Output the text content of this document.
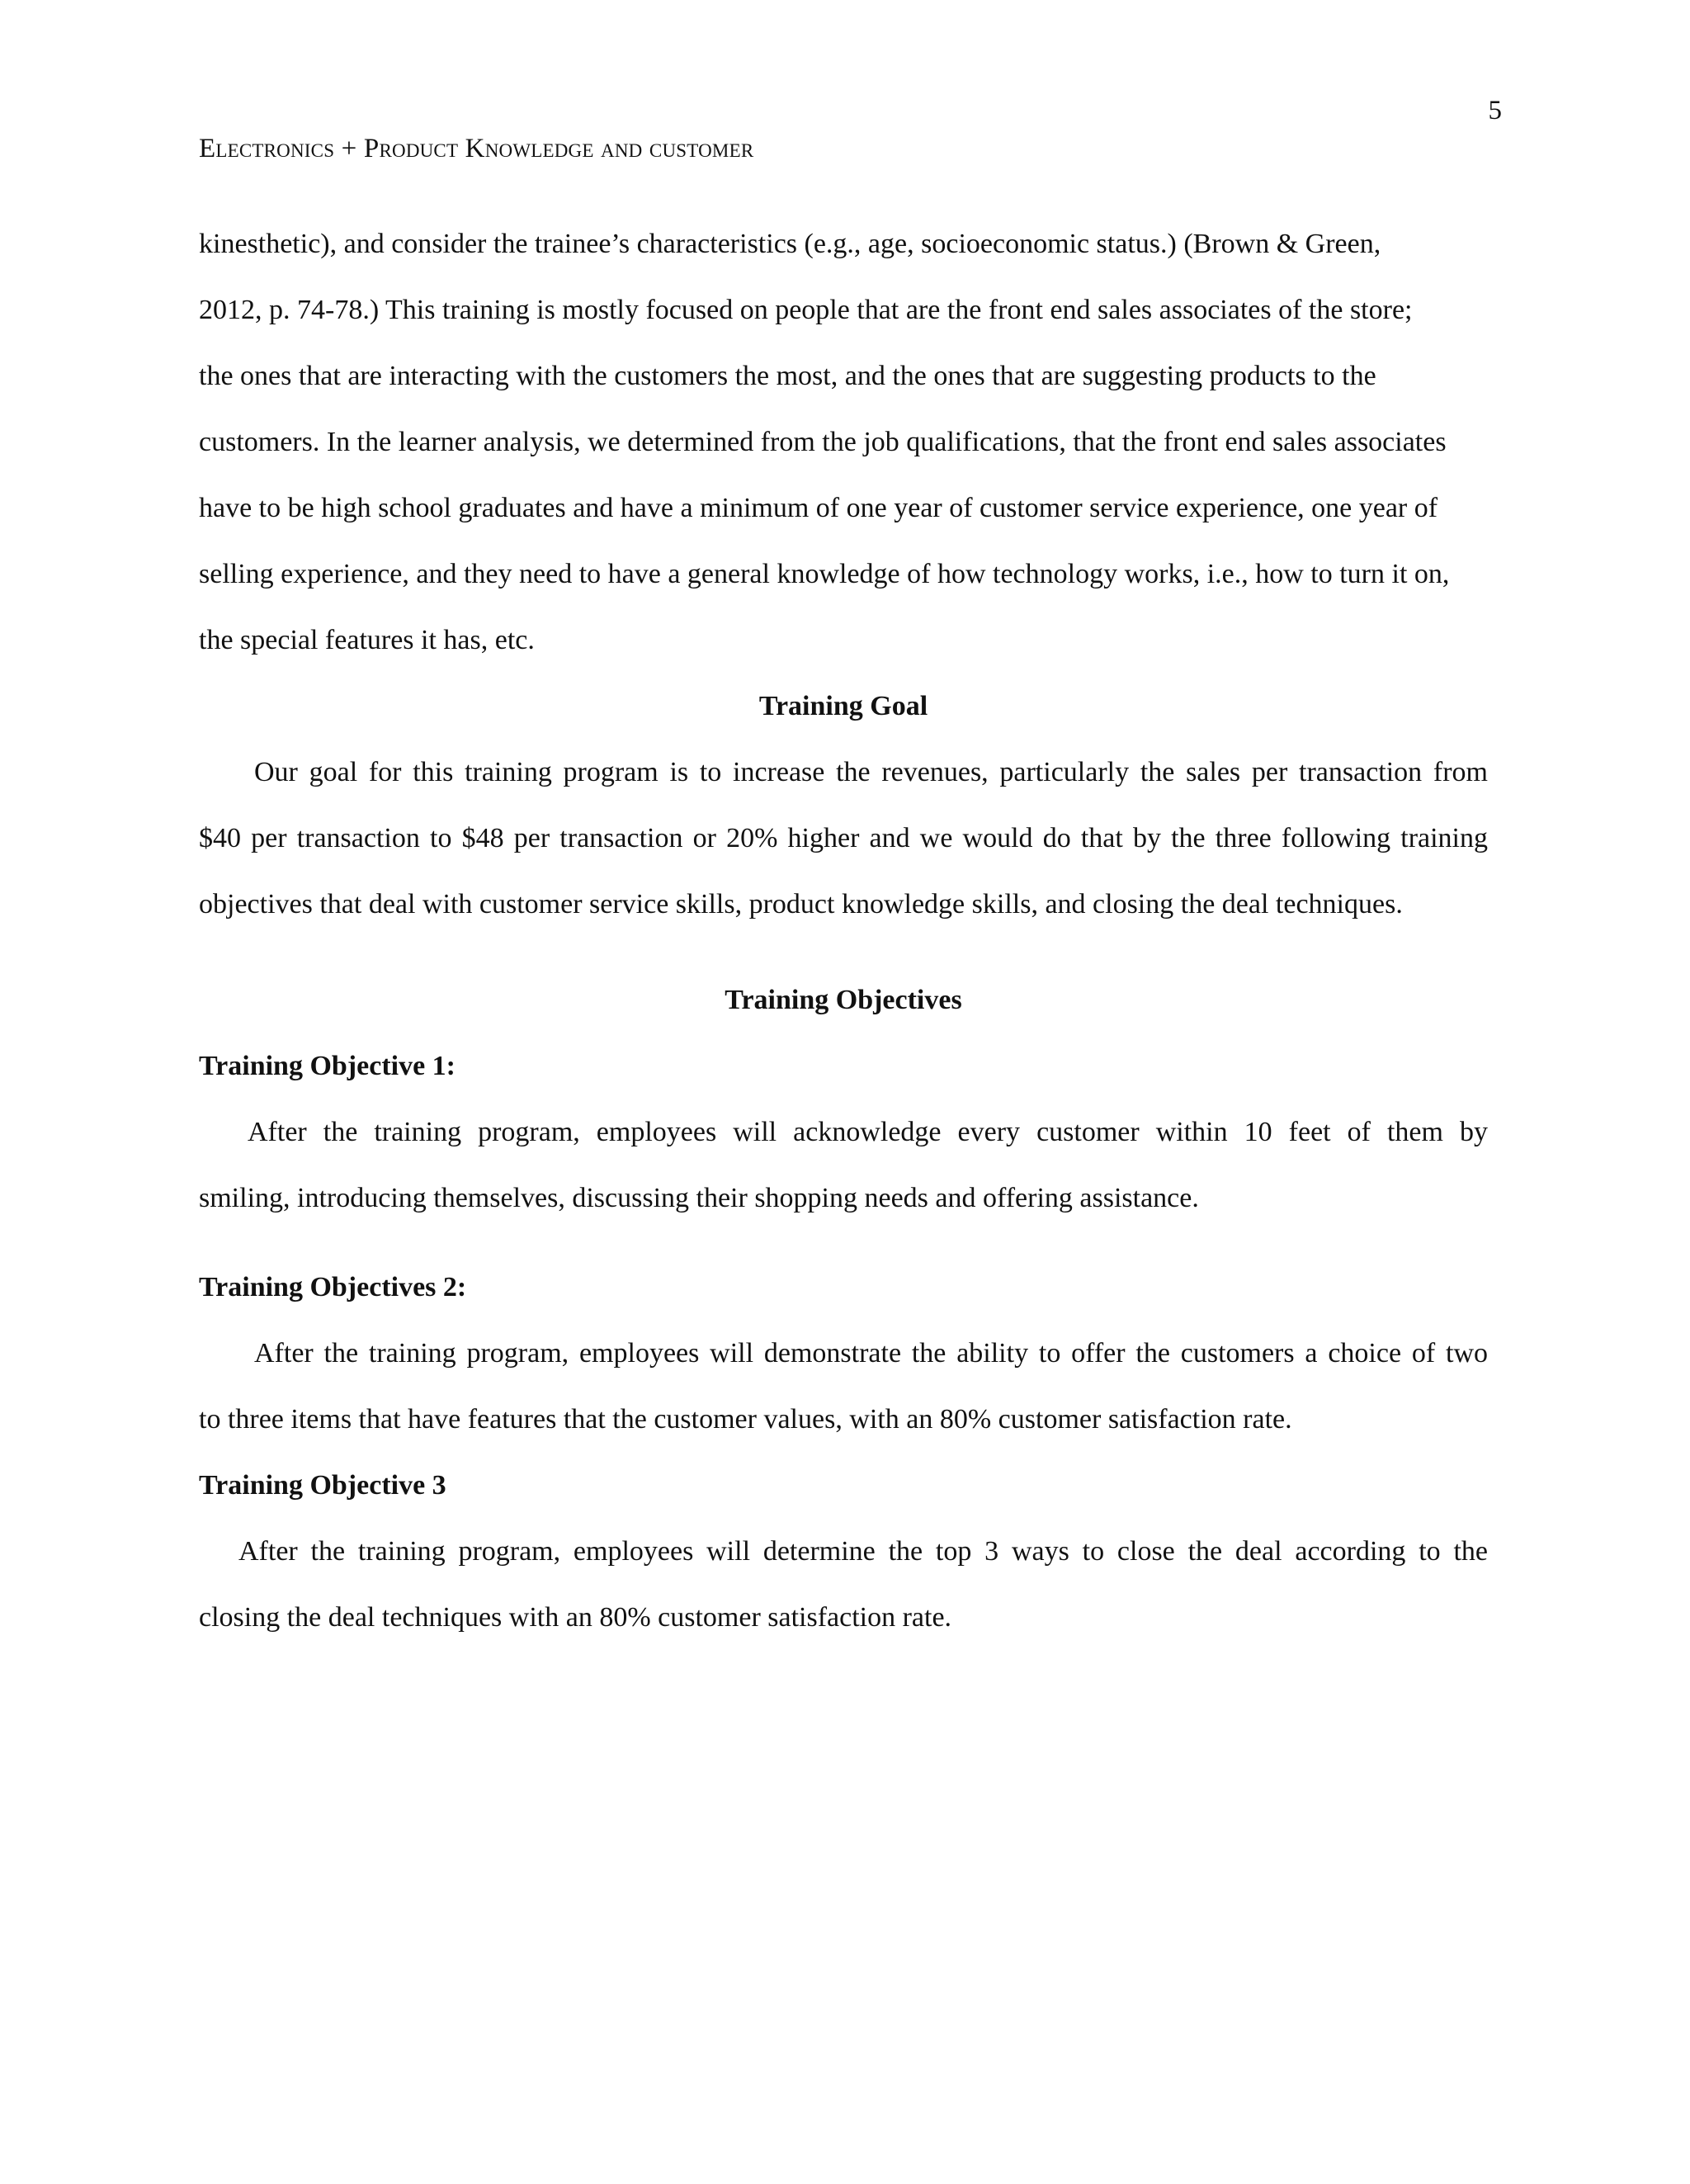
5
Electronics + Product Knowledge and customer
kinesthetic), and consider the trainee’s characteristics (e.g., age, socioeconomic status.) (Brown & Green,
2012, p. 74-78.) This training is mostly focused on people that are the front end sales associates of the store;
the ones that are interacting with the customers the most, and the ones that are suggesting products to the
customers. In the learner analysis, we determined from the job qualifications, that the front end sales associates
have to be high school graduates and have a minimum of one year of customer service experience, one year of
selling experience, and they need to have a general knowledge of how technology works, i.e., how to turn it on,
the special features it has, etc.
Training Goal
Our goal for this training program is to increase the revenues, particularly the sales per transaction from
$40 per transaction to $48 per transaction or 20% higher and we would do that by the three following training
objectives that deal with customer service skills, product knowledge skills, and closing the deal techniques.
Training Objectives
Training Objective 1:
After the training program, employees will acknowledge every customer within 10 feet of them by
smiling, introducing themselves, discussing their shopping needs and offering assistance.
Training Objectives 2:
After the training program, employees will demonstrate the ability to offer the customers a choice of two
to three items that have features that the customer values, with an 80% customer satisfaction rate.
Training Objective 3
After the training program, employees will determine the top 3 ways to close the deal according to the
closing the deal techniques with an 80% customer satisfaction rate.
